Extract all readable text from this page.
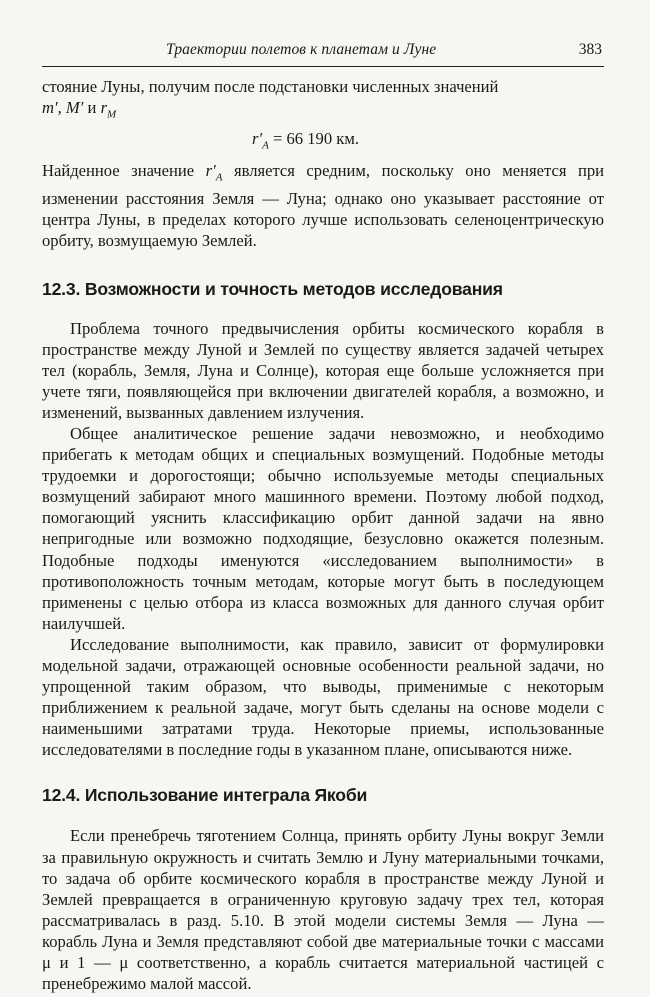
Траектории полетов к планетам и Луне	383

стояние Луны, получим после подстановки численных значений
m′, M′ и $r_M$

$r'_A = 66$ 190 км.

Найденное значение $r'_A$ является средним, поскольку оно меняется при изменении расстояния Земля — Луна; однако оно указывает расстояние от центра Луны, в пределах которого лучше использовать селеноцентрическую орбиту, возмущаемую Землей.

12.3. Возможности и точность методов исследования

Проблема точного предвычисления орбиты космического корабля в пространстве между Луной и Землей по существу является задачей четырех тел (корабль, Земля, Луна и Солнце), которая еще больше усложняется при учете тяги, появляющейся при включении двигателей корабля, а возможно, и изменений, вызванных давлением излучения.

Общее аналитическое решение задачи невозможно, и необходимо прибегать к методам общих и специальных возмущений. Подобные методы трудоемки и дорогостоящи; обычно используемые методы специальных возмущений забирают много машинного времени. Поэтому любой подход, помогающий уяснить классификацию орбит данной задачи на явно непригодные или возможно подходящие, безусловно окажется полезным. Подобные подходы именуются «исследованием выполнимости» в противоположность точным методам, которые могут быть в последующем применены с целью отбора из класса возможных для данного случая орбит наилучшей.

Исследование выполнимости, как правило, зависит от формулировки модельной задачи, отражающей основные особенности реальной задачи, но упрощенной таким образом, что выводы, применимые с некоторым приближением к реальной задаче, могут быть сделаны на основе модели с наименьшими затратами труда. Некоторые приемы, использованные исследователями в последние годы в указанном плане, описываются ниже.

12.4. Использование интеграла Якоби

Если пренебречь тяготением Солнца, принять орбиту Луны вокруг Земли за правильную окружность и считать Землю и Луну материальными точками, то задача об орбите космического корабля в пространстве между Луной и Землей превращается в ограниченную круговую задачу трех тел, которая рассматривалась в разд. 5.10. В этой модели системы Земля — Луна — корабль Луна и Земля представляют собой две материальные точки с массами μ и 1 — μ соответственно, а корабль считается материальной частицей с пренебрежимо малой массой.
